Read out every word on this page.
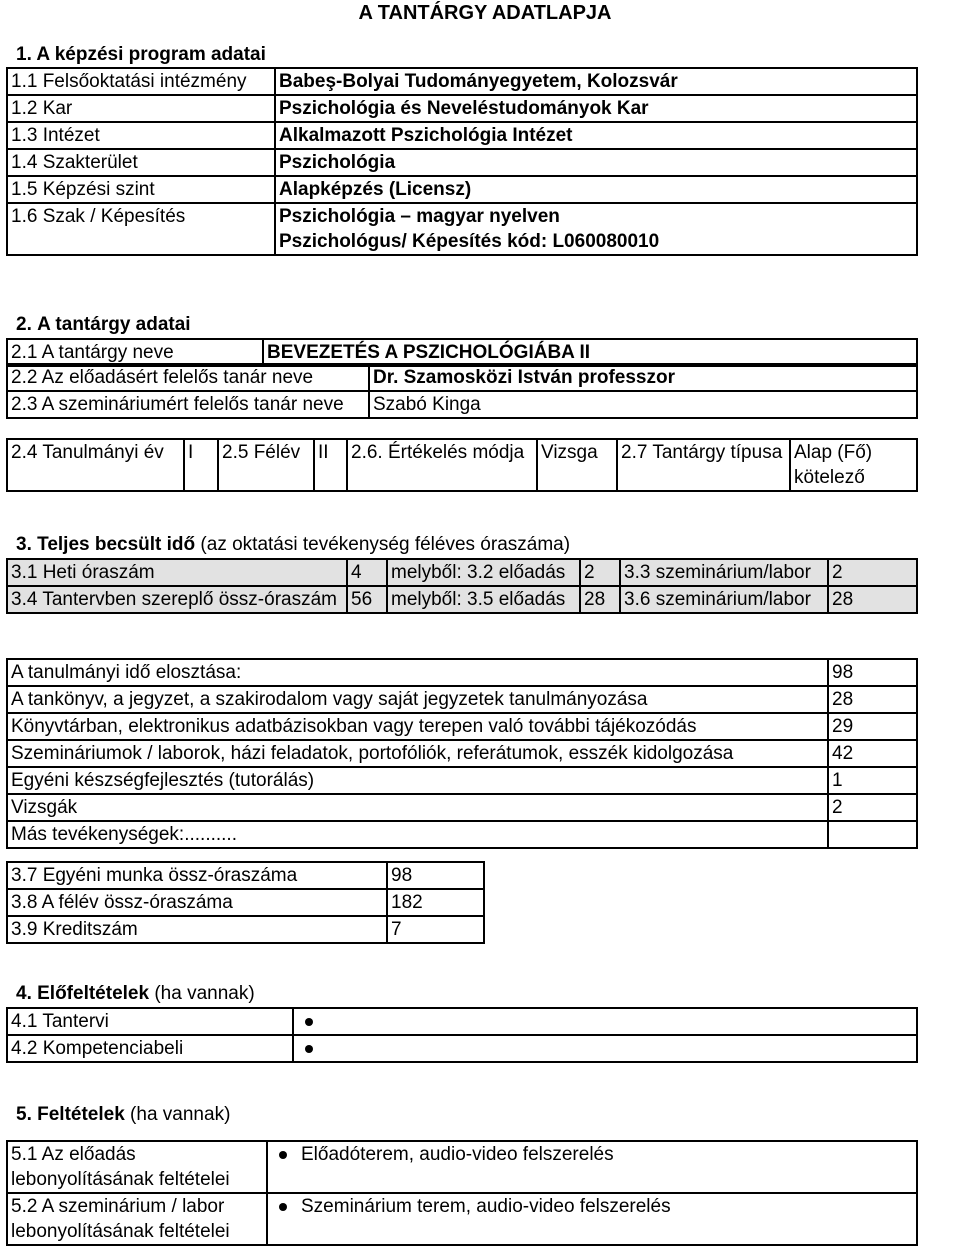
A TANTÁRGY ADATLAPJA
1. A képzési program adatai
1.1 Felsőoktatási intézmény	Babeş-Bolyai Tudományegyetem, Kolozsvár
1.2 Kar	Pszichológia és Neveléstudományok Kar
1.3 Intézet	Alkalmazott Pszichológia Intézet
1.4 Szakterület	Pszichológia
1.5 Képzési szint	Alapképzés (Licensz)
1.6 Szak / Képesítés	Pszichológia – magyar nyelven
Pszichológus/ Képesítés kód: L060080010
2. A tantárgy adatai
2.1 A tantárgy neve	BEVEZETÉS A PSZICHOLÓGIÁBA II
2.2 Az előadásért felelős tanár neve	Dr. Szamosközi István professzor
2.3 A szemináriumért felelős tanár neve	Szabó Kinga
2.4 Tanulmányi év	I	2.5 Félév	II	2.6. Értékelés módja	Vizsga	2.7 Tantárgy típusa	Alap (Fő) kötelező
3. Teljes becsült idő (az oktatási tevékenység féléves óraszáma)
3.1 Heti óraszám	4	melyből: 3.2 előadás	2	3.3 szeminárium/labor	2
3.4 Tantervben szereplő össz-óraszám	56	melyből: 3.5 előadás	28	3.6 szeminárium/labor	28
A tanulmányi idő elosztása:	98
A tankönyv, a jegyzet, a szakirodalom vagy saját jegyzetek tanulmányozása	28
Könyvtárban, elektronikus adatbázisokban vagy terepen való további tájékozódás	29
Szemináriumok / laborok, házi feladatok, portofóliók, referátumok, esszék kidolgozása	42
Egyéni készségfejlesztés (tutorálás)	1
Vizsgák	2
Más tevékenységek:..........	
3.7 Egyéni munka össz-óraszáma	98
3.8 A félév össz-óraszáma	182
3.9 Kreditszám	7
4. Előfeltételek (ha vannak)
4.1 Tantervi	
4.2 Kompetenciabeli	
5. Feltételek (ha vannak)
5.1 Az előadás lebonyolításának feltételei	Előadóterem, audio-video felszerelés
5.2 A szeminárium / labor lebonyolításának feltételei	Szeminárium terem, audio-video felszerelés
